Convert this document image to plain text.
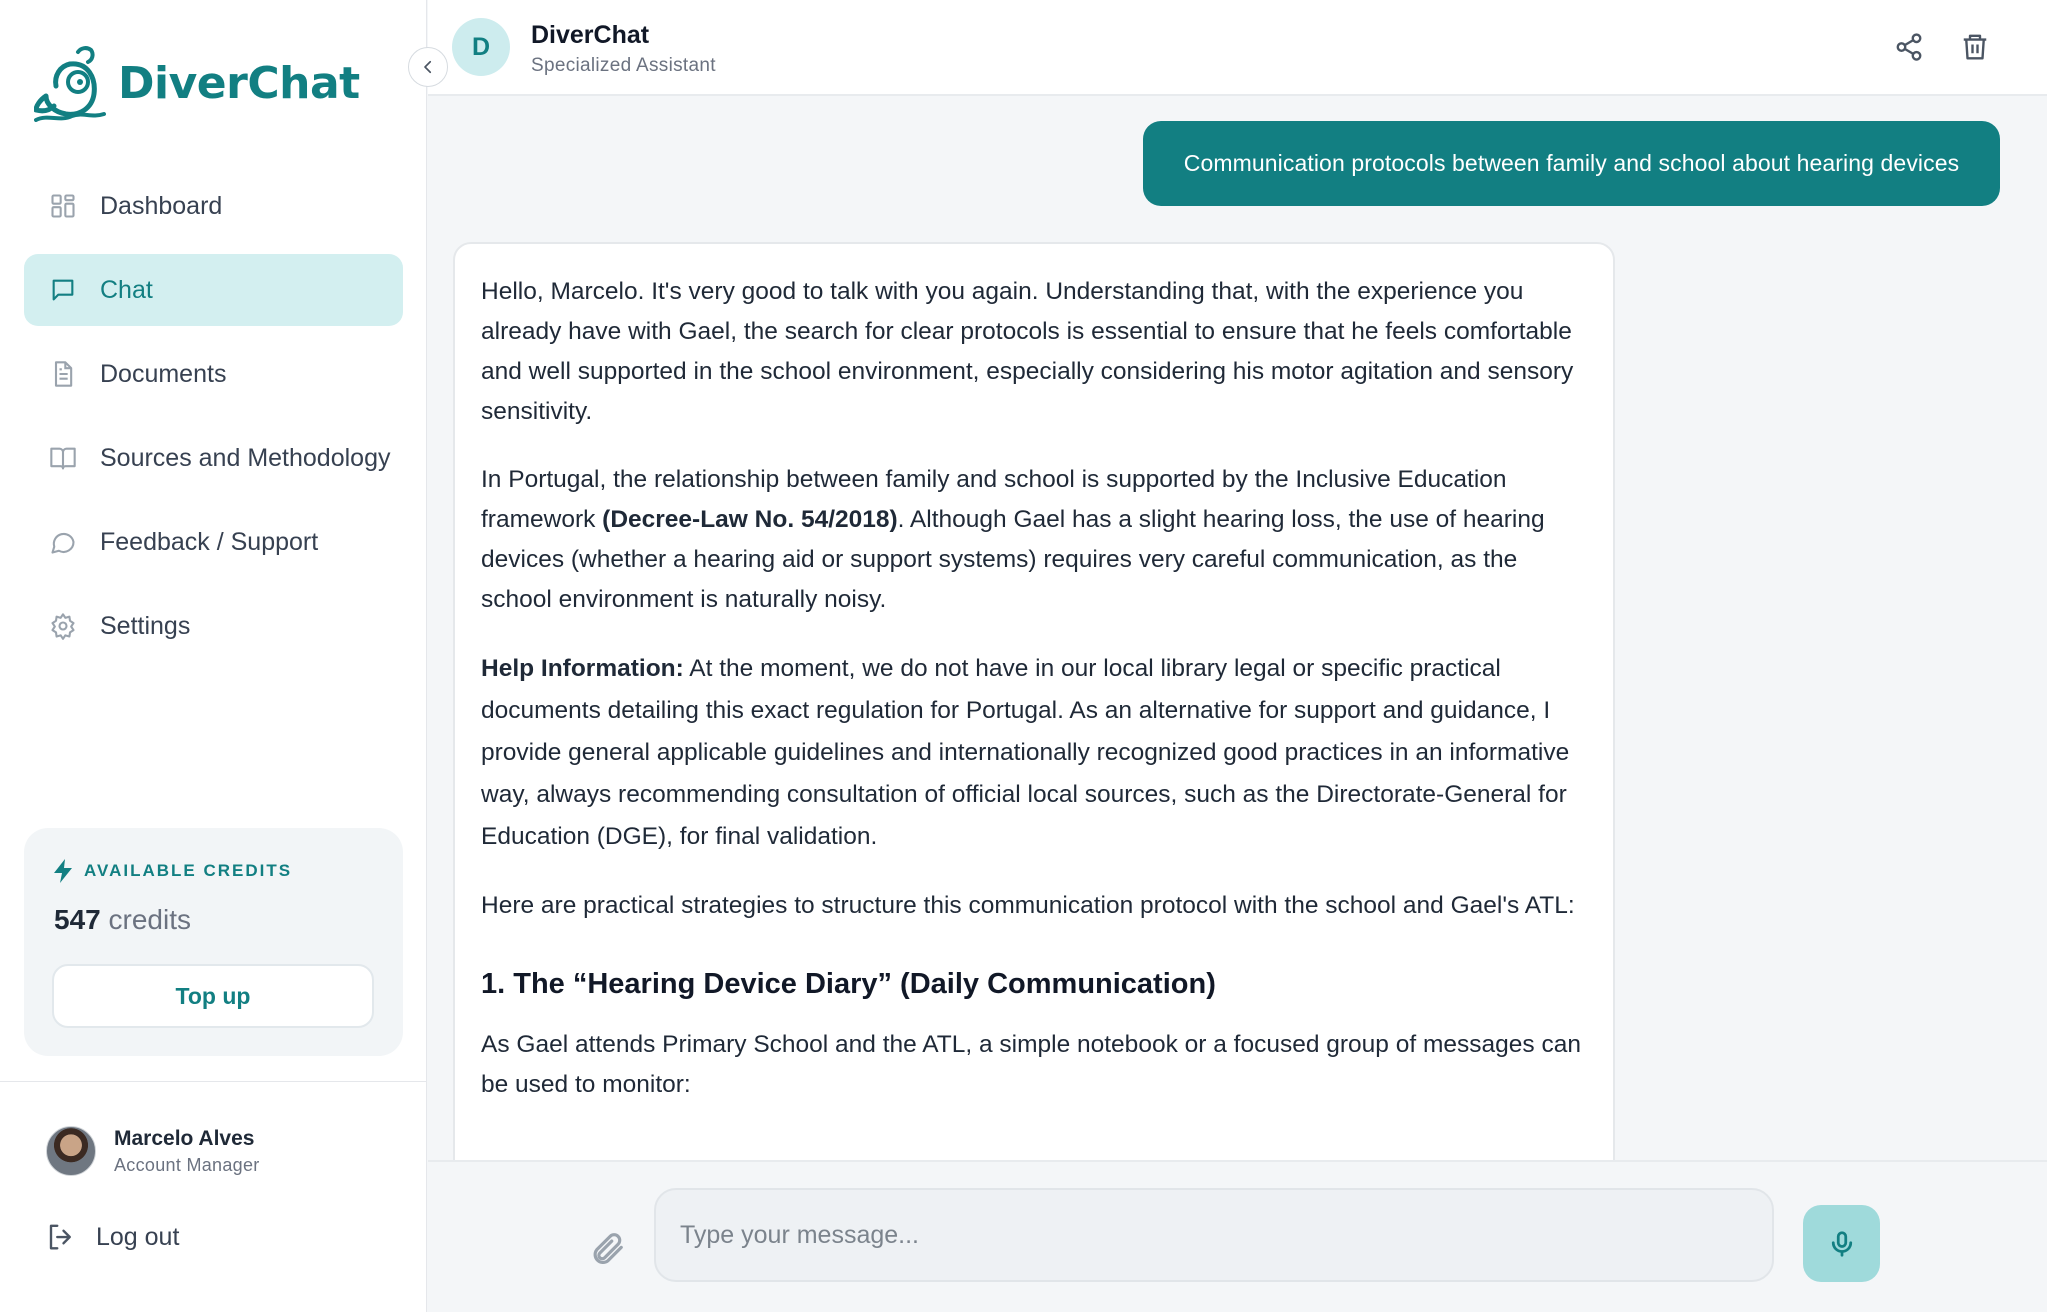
DiverChat
Dashboard
Chat
Documents
Sources and Methodology
Feedback / Support
Settings
AVAILABLE CREDITS
547 credits
Top up
Marcelo Alves
Account Manager
Log out
D	DiverChat
Specialized Assistant
Communication protocols between family and school about hearing devices

Hello, Marcelo. It's very good to talk with you again. Understanding that, with the experience you already have with Gael, the search for clear protocols is essential to ensure that he feels comfortable and well supported in the school environment, especially considering his motor agitation and sensory sensitivity.

In Portugal, the relationship between family and school is supported by the Inclusive Education framework (Decree-Law No. 54/2018). Although Gael has a slight hearing loss, the use of hearing devices (whether a hearing aid or support systems) requires very careful communication, as the school environment is naturally noisy.

Help Information: At the moment, we do not have in our local library legal or specific practical documents detailing this exact regulation for Portugal. As an alternative for support and guidance, I provide general applicable guidelines and internationally recognized good practices in an informative way, always recommending consultation of official local sources, such as the Directorate-General for Education (DGE), for final validation.

Here are practical strategies to structure this communication protocol with the school and Gael's ATL:

1. The “Hearing Device Diary” (Daily Communication)

As Gael attends Primary School and the ATL, a simple notebook or a focused group of messages can be used to monitor:

Type your message...
